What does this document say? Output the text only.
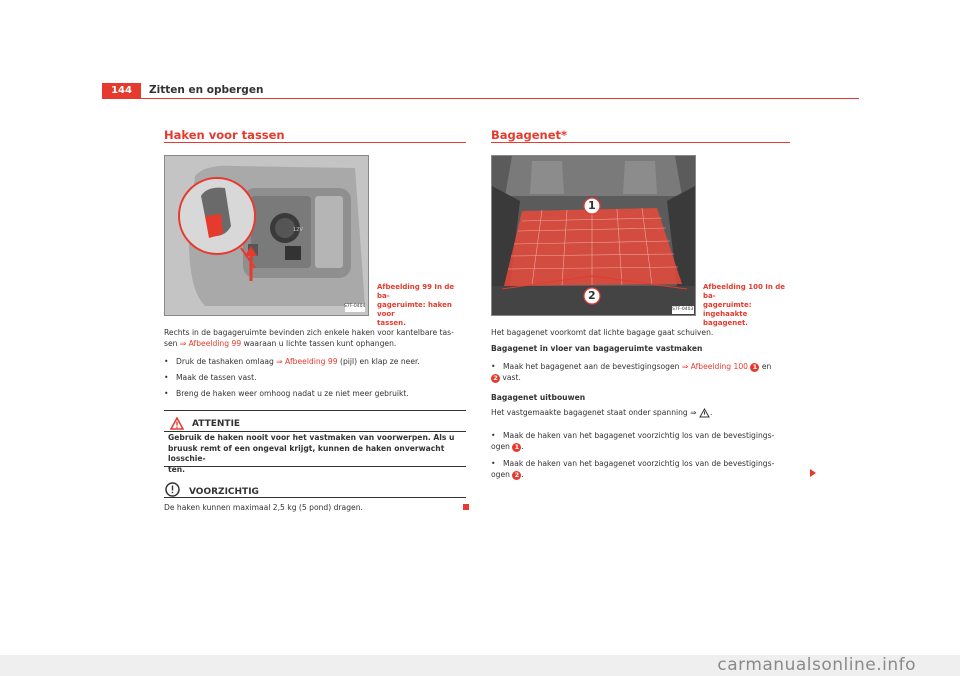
144	Zitten en opbergen
Haken voor tassen
12V
S7F-0404
Afbeelding 99 In de ba-
gageruimte: haken voor
tassen.
Rechts in de bagageruimte bevinden zich enkele haken voor kantelbare tas-
sen ⇒ Afbeelding 99 waaraan u lichte tassen kunt ophangen.
• Druk de tashaken omlaag ⇒ Afbeelding 99 (pijl) en klap ze neer.
• Maak de tassen vast.
• Breng de haken weer omhoog nadat u ze niet meer gebruikt.
ATTENTIE
Gebruik de haken nooit voor het vastmaken van voorwerpen. Als u
bruusk remt of een ongeval krijgt, kunnen de haken onverwacht losschie-
ten.
VOORZICHTIG
De haken kunnen maximaal 2,5 kg (5 pond) dragen.
Bagagenet*
1
2
S7F-0403
Afbeelding 100 In de ba-
gageruimte: ingehaakte
bagagenet.
Het bagagenet voorkomt dat lichte bagage gaat schuiven.
Bagagenet in vloer van bagageruimte vastmaken
• Maak het bagagenet aan de bevestigingsogen ⇒ Afbeelding 100 1 en
2 vast.
Bagagenet uitbouwen
Het vastgemaakte bagagenet staat onder spanning ⇒ .
• Maak de haken van het bagagenet voorzichtig los van de bevestigings-
ogen 1 .
• Maak de haken van het bagagenet voorzichtig los van de bevestigings-
ogen 2 .
carmanualsonline.info
